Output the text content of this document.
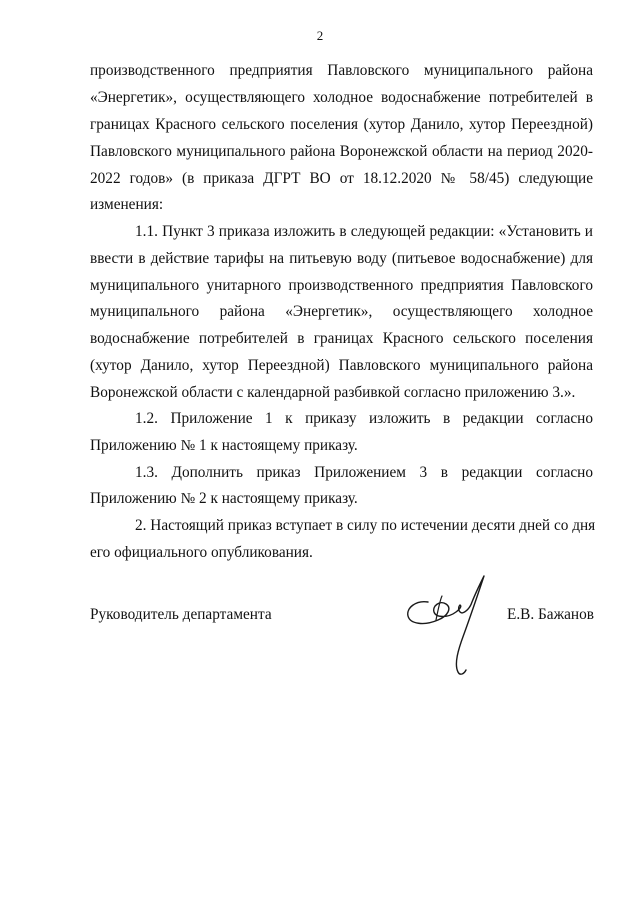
2
производственного предприятия Павловского муниципального района
«Энергетик», осуществляющего холодное водоснабжение потребителей в
границах Красного сельского поселения (хутор Данило, хутор Переездной)
Павловского муниципального района Воронежской области на период 2020-
2022 годов» (в приказа ДГРТ ВО от 18.12.2020 № 58/45) следующие
изменения:
1.1. Пункт 3 приказа изложить в следующей редакции: «Установить и
ввести в действие тарифы на питьевую воду (питьевое водоснабжение) для
муниципального унитарного производственного предприятия Павловского
муниципального района «Энергетик», осуществляющего холодное
водоснабжение потребителей в границах Красного сельского поселения
(хутор Данило, хутор Переездной) Павловского муниципального района
Воронежской области с календарной разбивкой согласно приложению 3.».
1.2. Приложение 1 к приказу изложить в редакции согласно
Приложению № 1 к настоящему приказу.
1.3. Дополнить приказ Приложением 3 в редакции согласно
Приложению № 2 к настоящему приказу.
2. Настоящий приказ вступает в силу по истечении десяти дней со дня
его официального опубликования.
Руководитель департамента	Е.В. Бажанов
